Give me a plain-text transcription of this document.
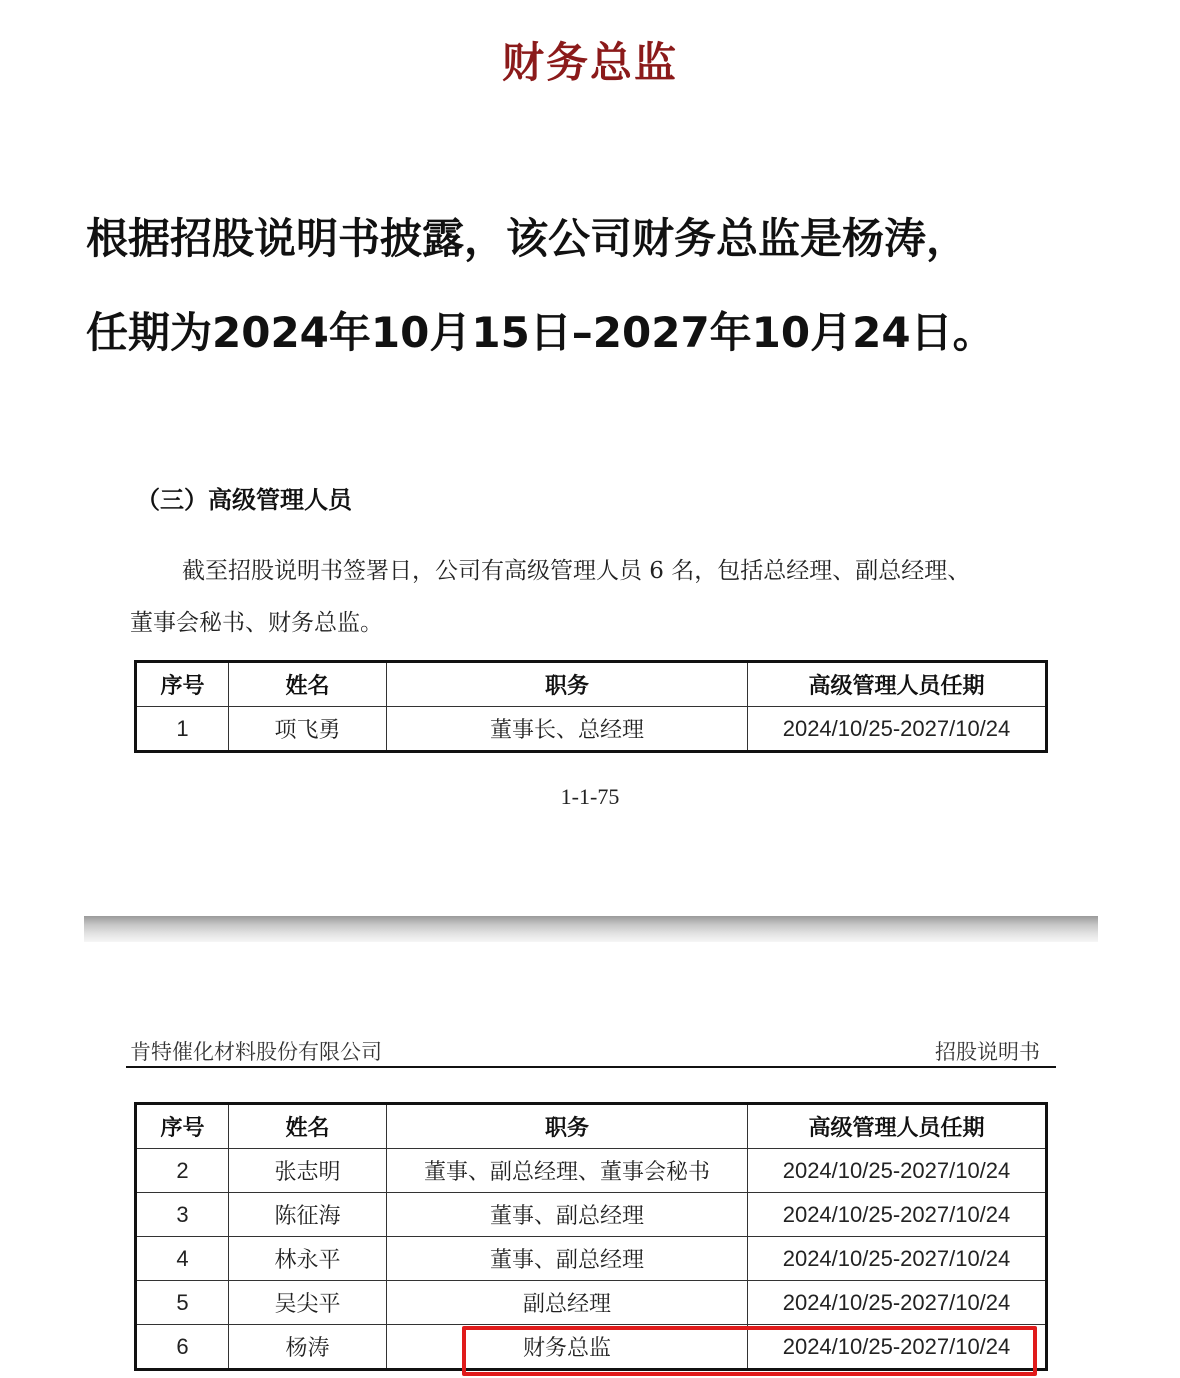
财务总监
根据招股说明书披露，该公司财务总监是杨涛，
任期为2024年10月15日–2027年10月24日。
（三）高级管理人员
截至招股说明书签署日，公司有高级管理人员 6 名，包括总经理、副总经理、
董事会秘书、财务总监。
序号	姓名	职务	高级管理人员任期
1	项飞勇	董事长、总经理	2024/10/25-2027/10/24
1-1-75
肯特催化材料股份有限公司	招股说明书
序号	姓名	职务	高级管理人员任期
2	张志明	董事、副总经理、董事会秘书	2024/10/25-2027/10/24
3	陈征海	董事、副总经理	2024/10/25-2027/10/24
4	林永平	董事、副总经理	2024/10/25-2027/10/24
5	吴尖平	副总经理	2024/10/25-2027/10/24
6	杨涛	财务总监	2024/10/25-2027/10/24
